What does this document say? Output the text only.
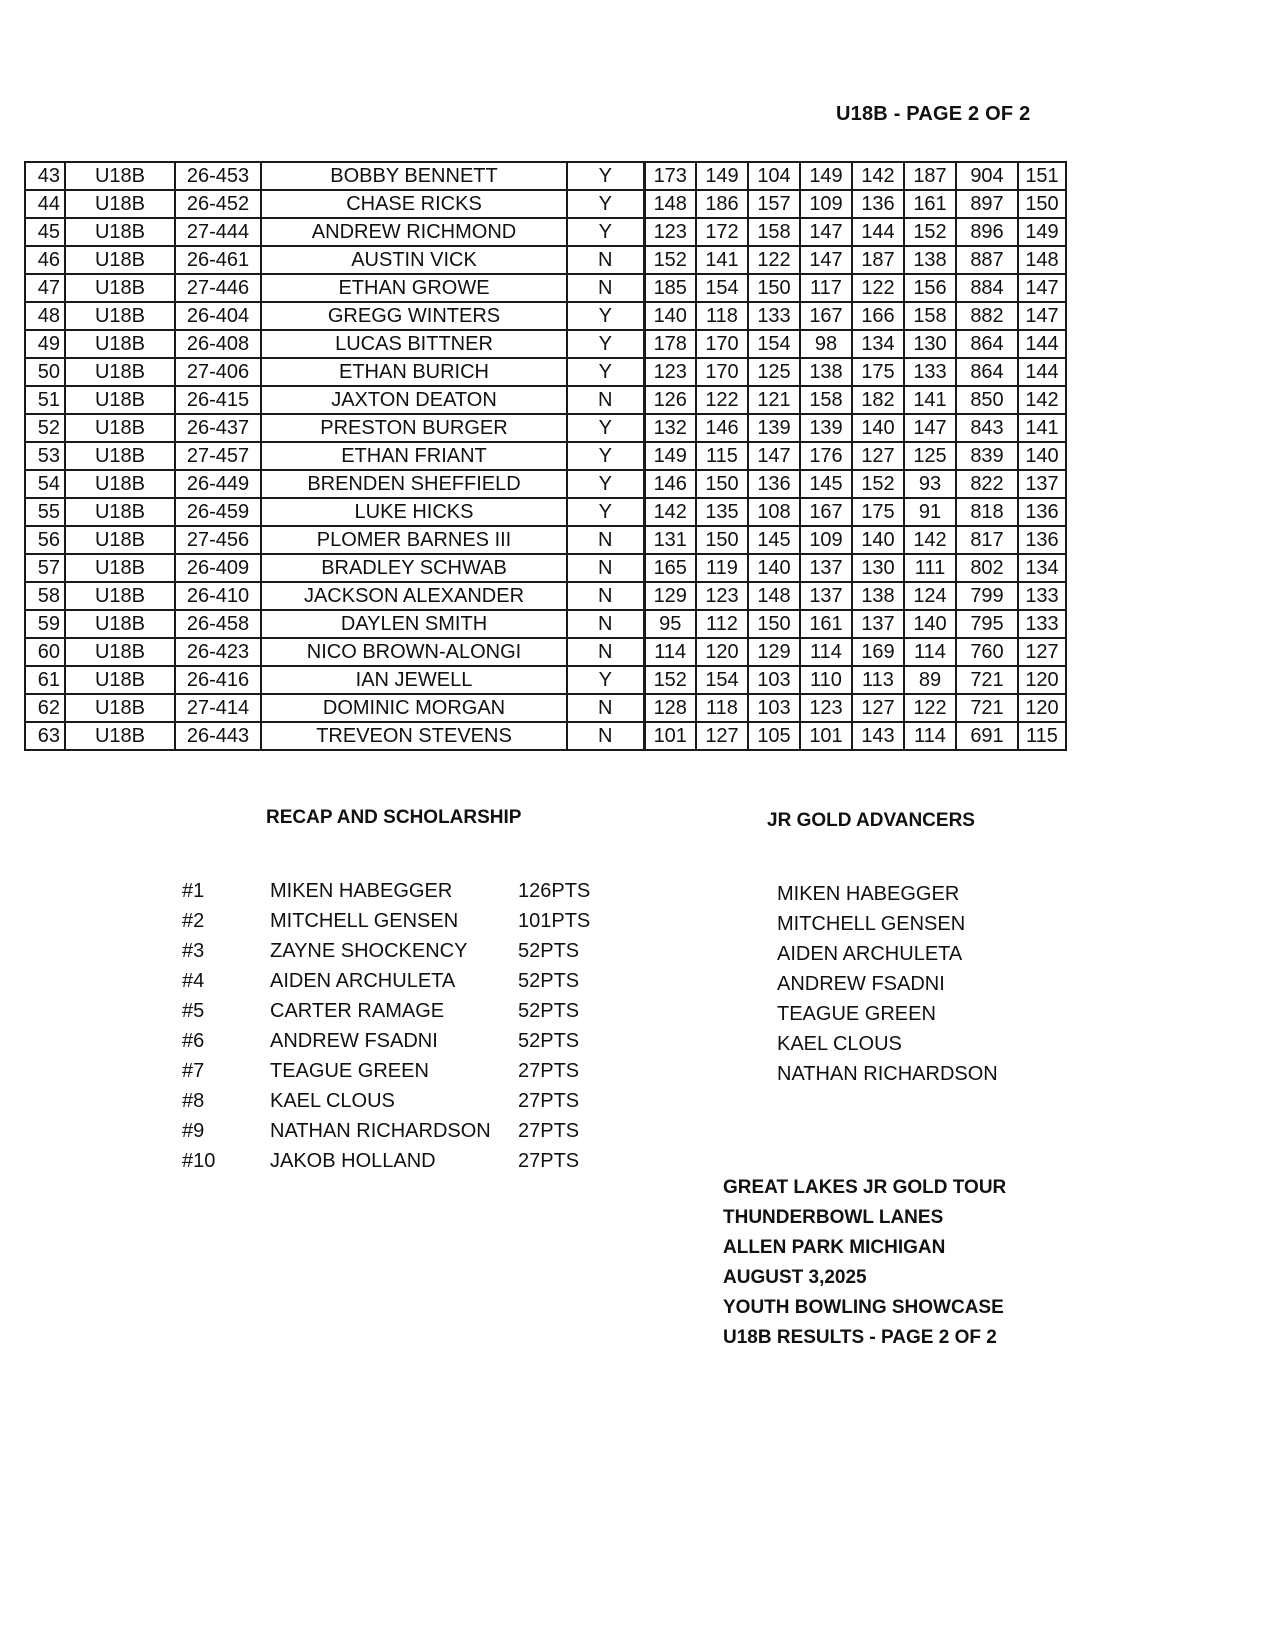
U18B - PAGE 2 OF 2
43	U18B	26-453	BOBBY BENNETT	Y	173	149	104	149	142	187	904	151
44	U18B	26-452	CHASE RICKS	Y	148	186	157	109	136	161	897	150
45	U18B	27-444	ANDREW RICHMOND	Y	123	172	158	147	144	152	896	149
46	U18B	26-461	AUSTIN VICK	N	152	141	122	147	187	138	887	148
47	U18B	27-446	ETHAN GROWE	N	185	154	150	117	122	156	884	147
48	U18B	26-404	GREGG WINTERS	Y	140	118	133	167	166	158	882	147
49	U18B	26-408	LUCAS BITTNER	Y	178	170	154	98	134	130	864	144
50	U18B	27-406	ETHAN BURICH	Y	123	170	125	138	175	133	864	144
51	U18B	26-415	JAXTON DEATON	N	126	122	121	158	182	141	850	142
52	U18B	26-437	PRESTON BURGER	Y	132	146	139	139	140	147	843	141
53	U18B	27-457	ETHAN FRIANT	Y	149	115	147	176	127	125	839	140
54	U18B	26-449	BRENDEN SHEFFIELD	Y	146	150	136	145	152	93	822	137
55	U18B	26-459	LUKE HICKS	Y	142	135	108	167	175	91	818	136
56	U18B	27-456	PLOMER BARNES III	N	131	150	145	109	140	142	817	136
57	U18B	26-409	BRADLEY SCHWAB	N	165	119	140	137	130	111	802	134
58	U18B	26-410	JACKSON ALEXANDER	N	129	123	148	137	138	124	799	133
59	U18B	26-458	DAYLEN SMITH	N	95	112	150	161	137	140	795	133
60	U18B	26-423	NICO BROWN-ALONGI	N	114	120	129	114	169	114	760	127
61	U18B	26-416	IAN JEWELL	Y	152	154	103	110	113	89	721	120
62	U18B	27-414	DOMINIC MORGAN	N	128	118	103	123	127	122	721	120
63	U18B	26-443	TREVEON STEVENS	N	101	127	105	101	143	114	691	115
RECAP AND SCHOLARSHIP
#1	MIKEN HABEGGER	126PTS
#2	MITCHELL GENSEN	101PTS
#3	ZAYNE SHOCKENCY	52PTS
#4	AIDEN ARCHULETA	52PTS
#5	CARTER RAMAGE	52PTS
#6	ANDREW FSADNI	52PTS
#7	TEAGUE GREEN	27PTS
#8	KAEL CLOUS	27PTS
#9	NATHAN RICHARDSON 27PTS
#10	JAKOB HOLLAND	27PTS
JR GOLD ADVANCERS
MIKEN HABEGGER
MITCHELL GENSEN
AIDEN ARCHULETA
ANDREW FSADNI
TEAGUE GREEN
KAEL CLOUS
NATHAN RICHARDSON
GREAT LAKES JR GOLD TOUR
THUNDERBOWL LANES
ALLEN PARK MICHIGAN
AUGUST 3,2025
YOUTH BOWLING SHOWCASE
U18B RESULTS - PAGE 2 OF 2
